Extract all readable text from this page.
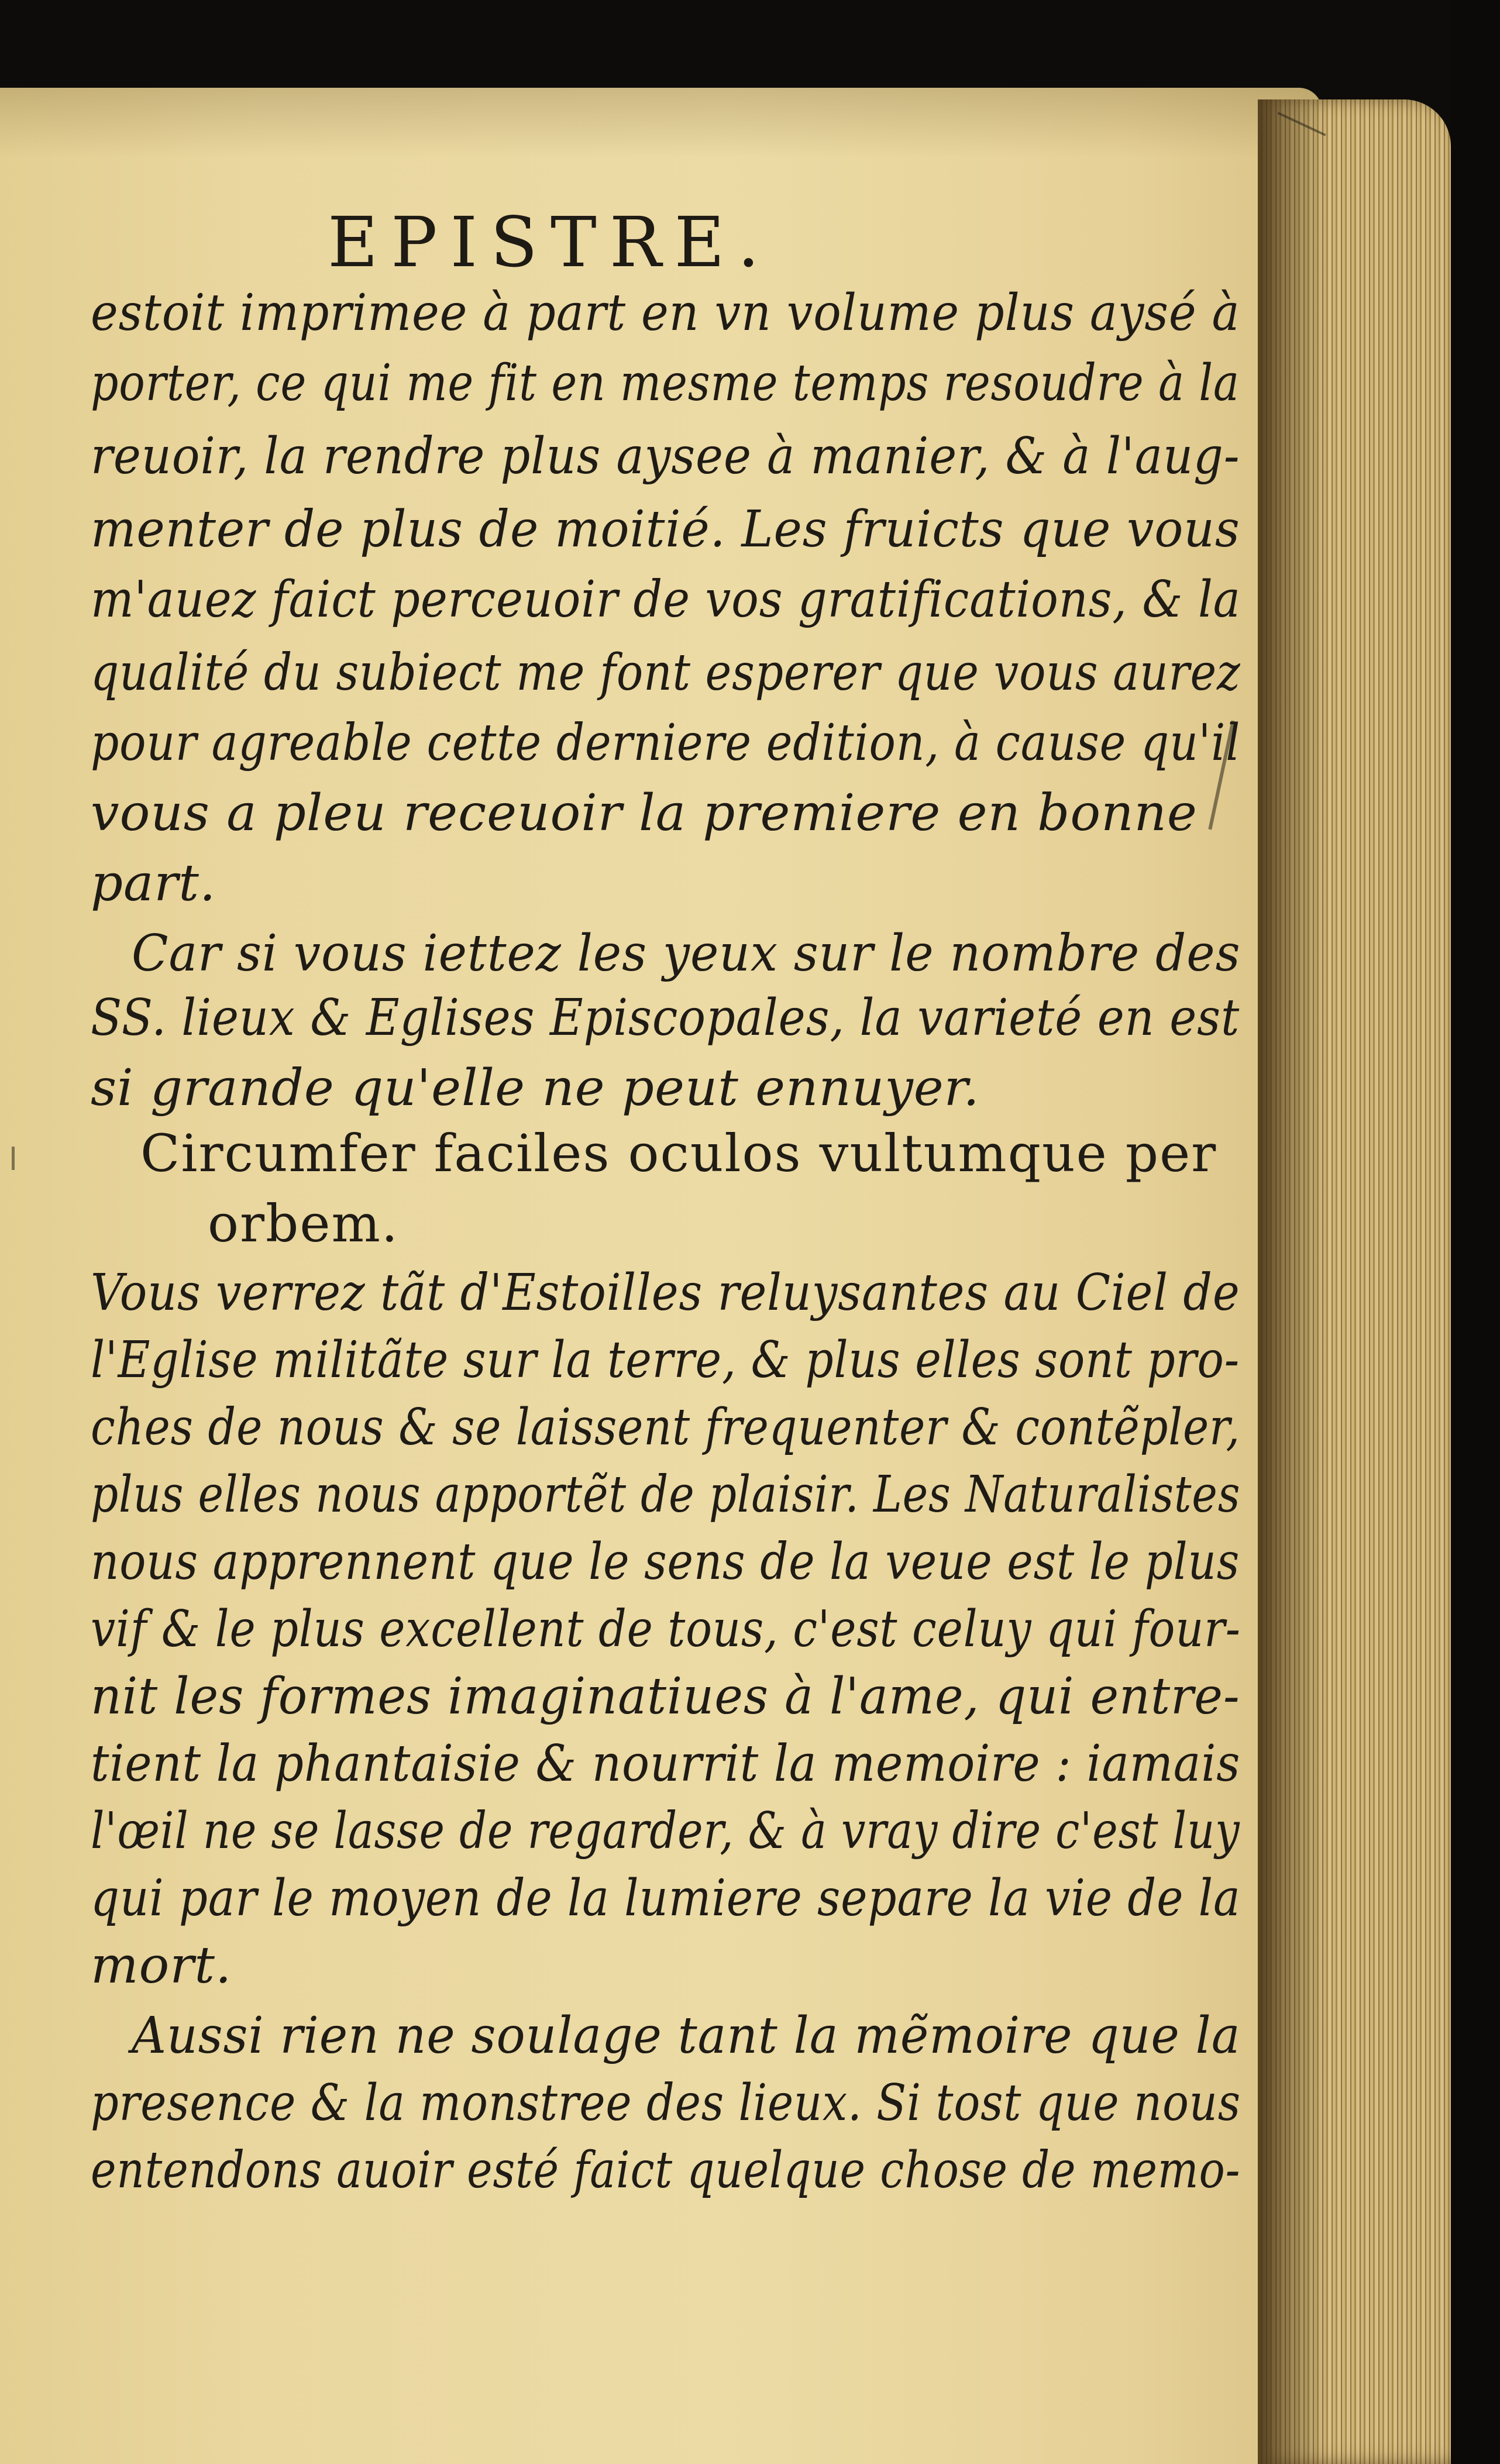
EPISTRE.
estoit imprimee à part en vn volume plus aysé à
porter, ce qui me fit en mesme temps resoudre à la
reuoir, la rendre plus aysee à manier, & à l'aug-
menter de plus de moitié. Les fruicts que vous
m'auez faict perceuoir de vos gratifications, & la
qualité du subiect me font esperer que vous aurez
pour agreable cette derniere edition, à cause qu'il
vous a pleu receuoir la premiere en bonne
part.
Car si vous iettez les yeux sur le nombre des
SS. lieux & Eglises Episcopales, la varieté en est
si grande qu'elle ne peut ennuyer.
Circumfer faciles oculos vultumque per
orbem.
Vous verrez tãt d'Estoilles reluysantes au Ciel de
l'Eglise militãte sur la terre, & plus elles sont pro-
ches de nous & se laissent frequenter & contẽpler,
plus elles nous apportẽt de plaisir. Les Naturalistes
nous apprennent que le sens de la veue est le plus
vif & le plus excellent de tous, c'est celuy qui four-
nit les formes imaginatiues à l'ame, qui entre-
tient la phantaisie & nourrit la memoire : iamais
l'œil ne se lasse de regarder, & à vray dire c'est luy
qui par le moyen de la lumiere separe la vie de la
mort.
Aussi rien ne soulage tant la mẽmoire que la
presence & la monstree des lieux. Si tost que nous
entendons auoir esté faict quelque chose de memo-
